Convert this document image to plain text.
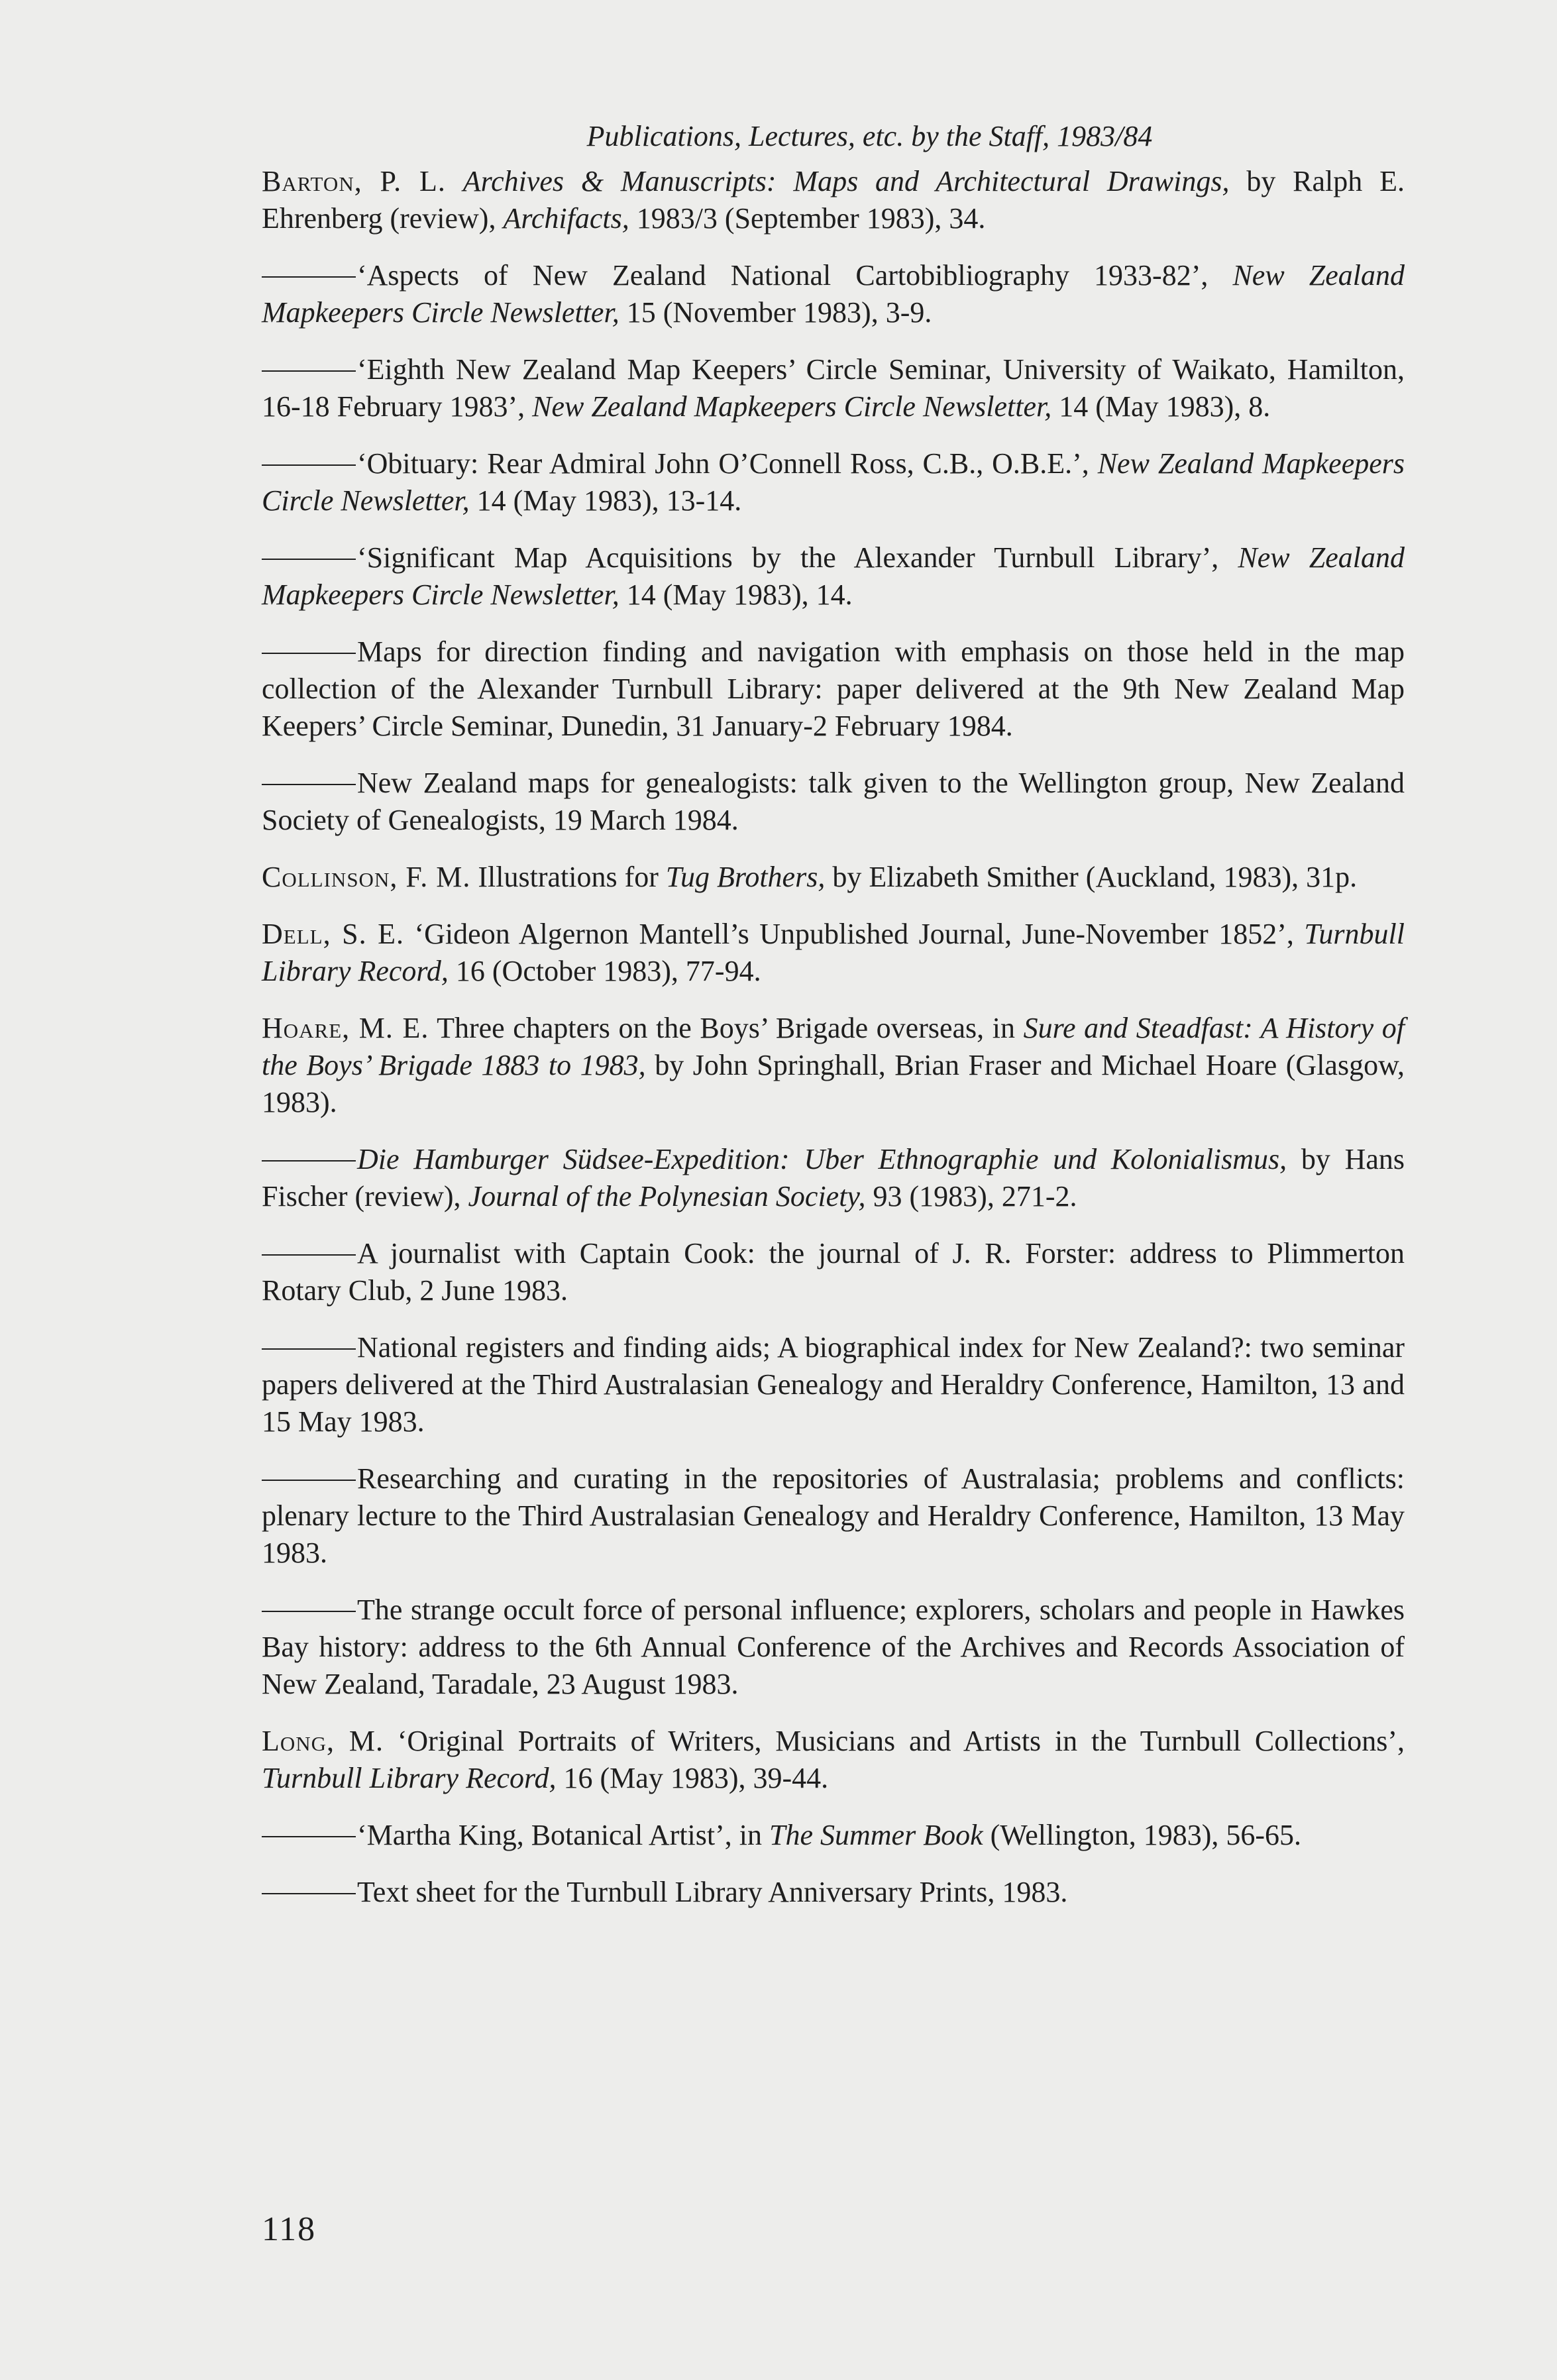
Publications, Lectures, etc. by the Staff, 1983/84

Barton, P. L. Archives & Manuscripts: Maps and Architectural Drawings, by Ralph E. Ehrenberg (review), Archifacts, 1983/3 (September 1983), 34.

‘Aspects of New Zealand National Cartobibliography 1933-82’, New Zealand Mapkeepers Circle Newsletter, 15 (November 1983), 3-9.

‘Eighth New Zealand Map Keepers’ Circle Seminar, University of Waikato, Hamilton, 16-18 February 1983’, New Zealand Mapkeepers Circle Newsletter, 14 (May 1983), 8.

‘Obituary: Rear Admiral John O’Connell Ross, C.B., O.B.E.’, New Zealand Mapkeepers Circle Newsletter, 14 (May 1983), 13-14.

‘Significant Map Acquisitions by the Alexander Turnbull Library’, New Zealand Mapkeepers Circle Newsletter, 14 (May 1983), 14.

Maps for direction finding and navigation with emphasis on those held in the map collection of the Alexander Turnbull Library: paper delivered at the 9th New Zealand Map Keepers’ Circle Seminar, Dunedin, 31 January-2 February 1984.

New Zealand maps for genealogists: talk given to the Wellington group, New Zealand Society of Genealogists, 19 March 1984.

Collinson, F. M. Illustrations for Tug Brothers, by Elizabeth Smither (Auckland, 1983), 31p.

Dell, S. E. ‘Gideon Algernon Mantell’s Unpublished Journal, June-November 1852’, Turnbull Library Record, 16 (October 1983), 77-94.

Hoare, M. E. Three chapters on the Boys’ Brigade overseas, in Sure and Steadfast: A History of the Boys’ Brigade 1883 to 1983, by John Springhall, Brian Fraser and Michael Hoare (Glasgow, 1983).

Die Hamburger Südsee-Expedition: Uber Ethnographie und Kolonialismus, by Hans Fischer (review), Journal of the Polynesian Society, 93 (1983), 271-2.

A journalist with Captain Cook: the journal of J. R. Forster: address to Plimmerton Rotary Club, 2 June 1983.

National registers and finding aids; A biographical index for New Zealand?: two seminar papers delivered at the Third Australasian Genealogy and Heraldry Conference, Hamilton, 13 and 15 May 1983.

Researching and curating in the repositories of Australasia; problems and conflicts: plenary lecture to the Third Australasian Genealogy and Heraldry Conference, Hamilton, 13 May 1983.

The strange occult force of personal influence; explorers, scholars and people in Hawkes Bay history: address to the 6th Annual Conference of the Archives and Records Association of New Zealand, Taradale, 23 August 1983.

Long, M. ‘Original Portraits of Writers, Musicians and Artists in the Turnbull Collections’, Turnbull Library Record, 16 (May 1983), 39-44.

‘Martha King, Botanical Artist’, in The Summer Book (Wellington, 1983), 56-65.

Text sheet for the Turnbull Library Anniversary Prints, 1983.

118
